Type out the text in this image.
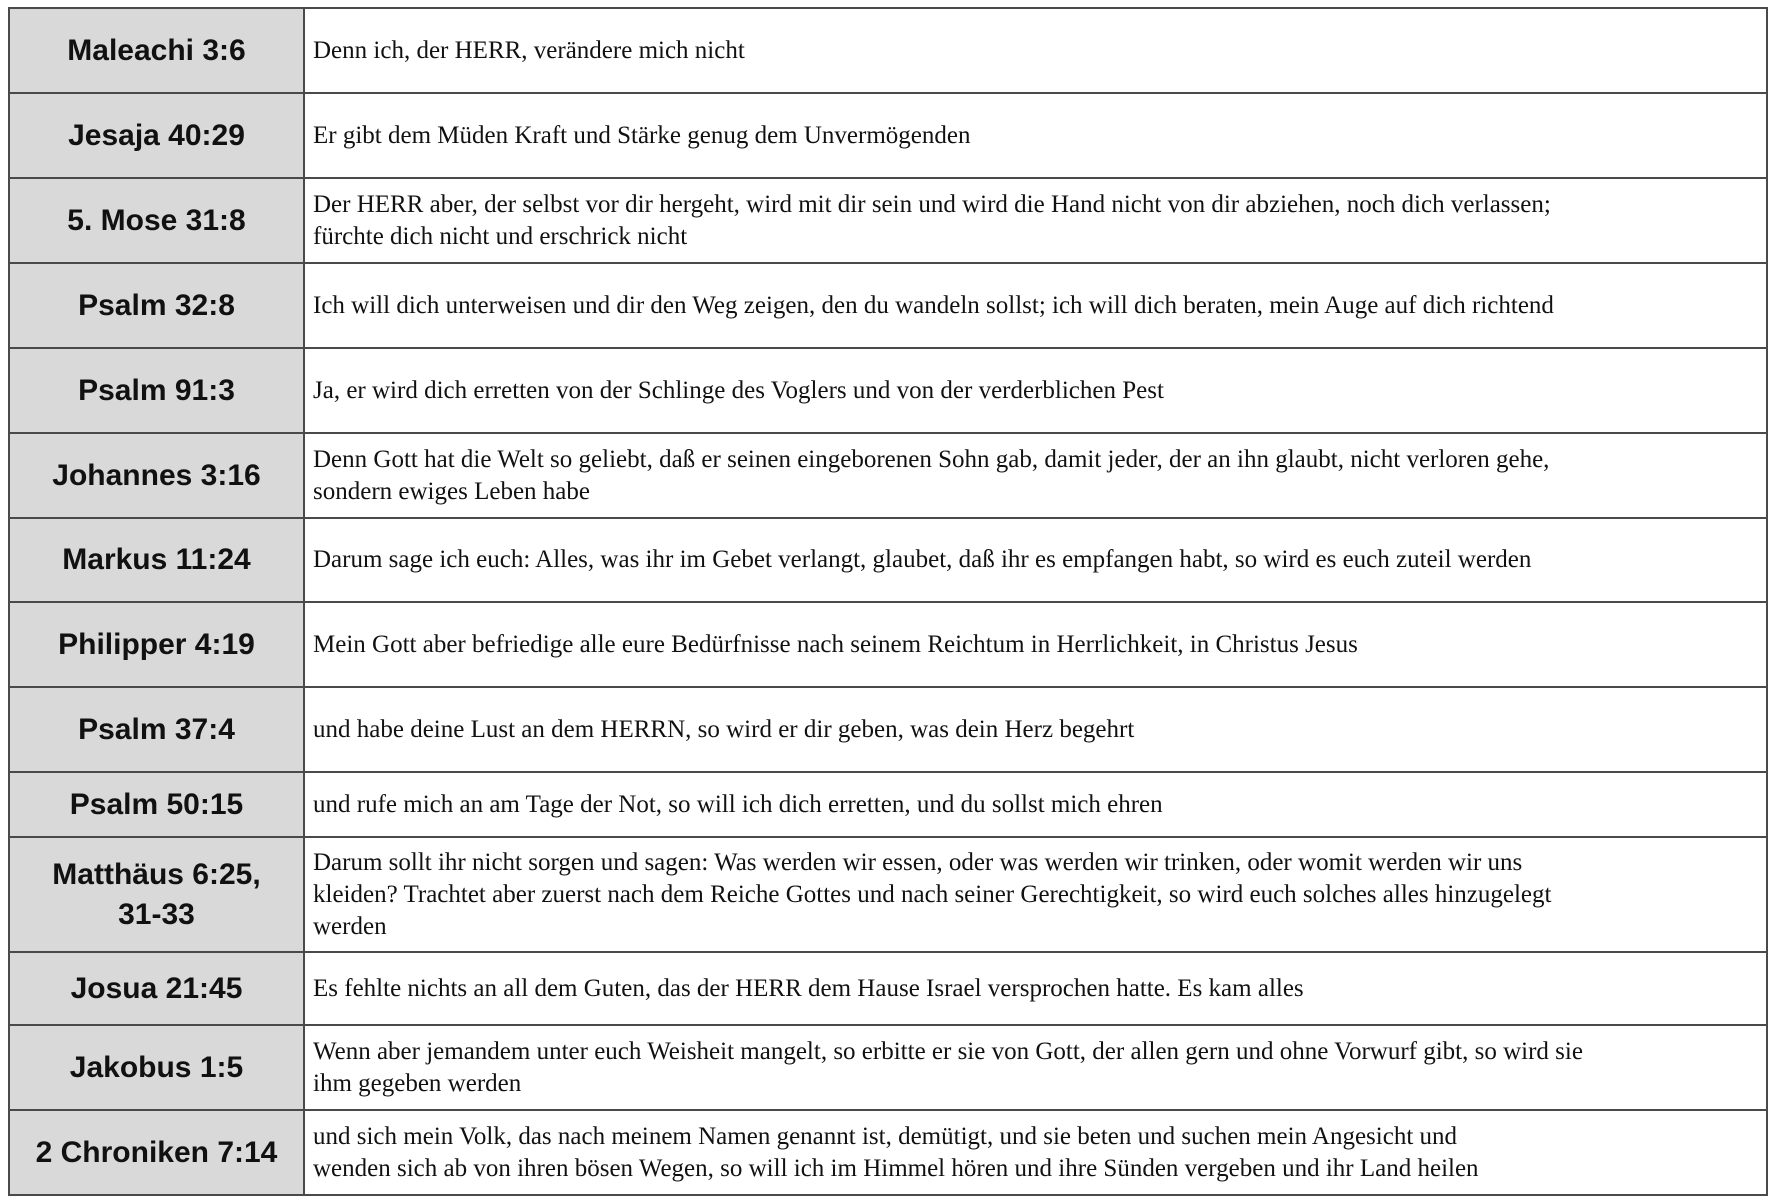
Maleachi 3:6	Denn ich, der HERR, verändere mich nicht

Jesaja 40:29	Er gibt dem Müden Kraft und Stärke genug dem Unvermögenden

5. Mose 31:8	Der HERR aber, der selbst vor dir hergeht, wird mit dir sein und wird die Hand nicht von dir abziehen, noch dich verlassen;
fürchte dich nicht und erschrick nicht

Psalm 32:8	Ich will dich unterweisen und dir den Weg zeigen, den du wandeln sollst; ich will dich beraten, mein Auge auf dich richtend

Psalm 91:3	Ja, er wird dich erretten von der Schlinge des Voglers und von der verderblichen Pest

Johannes 3:16	Denn Gott hat die Welt so geliebt, daß er seinen eingeborenen Sohn gab, damit jeder, der an ihn glaubt, nicht verloren gehe,
sondern ewiges Leben habe

Markus 11:24	Darum sage ich euch: Alles, was ihr im Gebet verlangt, glaubet, daß ihr es empfangen habt, so wird es euch zuteil werden

Philipper 4:19	Mein Gott aber befriedige alle eure Bedürfnisse nach seinem Reichtum in Herrlichkeit, in Christus Jesus

Psalm 37:4	und habe deine Lust an dem HERRN, so wird er dir geben, was dein Herz begehrt

Psalm 50:15	und rufe mich an am Tage der Not, so will ich dich erretten, und du sollst mich ehren

Matthäus 6:25,
31-33	Darum sollt ihr nicht sorgen und sagen: Was werden wir essen, oder was werden wir trinken, oder womit werden wir uns
kleiden? Trachtet aber zuerst nach dem Reiche Gottes und nach seiner Gerechtigkeit, so wird euch solches alles hinzugelegt
werden

Josua 21:45	Es fehlte nichts an all dem Guten, das der HERR dem Hause Israel versprochen hatte. Es kam alles

Jakobus 1:5	Wenn aber jemandem unter euch Weisheit mangelt, so erbitte er sie von Gott, der allen gern und ohne Vorwurf gibt, so wird sie
ihm gegeben werden

2 Chroniken 7:14	und sich mein Volk, das nach meinem Namen genannt ist, demütigt, und sie beten und suchen mein Angesicht und
wenden sich ab von ihren bösen Wegen, so will ich im Himmel hören und ihre Sünden vergeben und ihr Land heilen
